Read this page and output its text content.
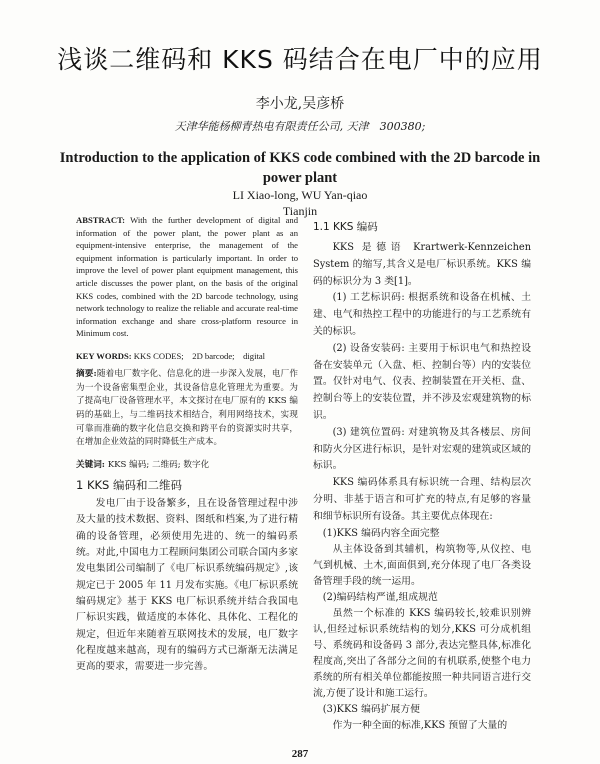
浅谈二维码和 KKS 码结合在电厂中的应用
李小龙,吴彦桥
天津华能杨柳青热电有限责任公司, 天津　300380;
Introduction to the application of KKS code combined with the 2D barcode in power plant
LI Xiao-long, WU Yan-qiao
Tianjin

ABSTRACT: With the further development of digital and information of the power plant, the power plant as an equipment-intensive enterprise, the management of the equipment information is particularly important. In order to improve the level of power plant equipment management, this article discusses the power plant, on the basis of the original KKS codes, combined with the 2D barcode technology, using network technology to realize the reliable and accurate real-time information exchange and share cross-platform resource in Minimum cost.

KEY WORDS: KKS CODES;　2D barcode;　digital
摘要:随着电厂数字化、信息化的进一步深入发展，电厂作为一个设备密集型企业，其设备信息化管理尤为重要。为了提高电厂设备管理水平，本文探讨在电厂原有的 KKS 编码的基础上，与二维码技术相结合，利用网络技术，实现可靠而准确的数字化信息交换和跨平台的资源实时共享，在增加企业效益的同时降低生产成本。
关键词: KKS 编码; 二维码; 数字化
1 KKS 编码和二维码

发电厂由于设备繁多，且在设备管理过程中涉及大量的技术数据、资料、图纸和档案,为了进行精确的设备管理，必须使用先进的、统一的编码系统。对此,中国电力工程顾问集团公司联合国内多家发电集团公司编制了《电厂标识系统编码规定》,该规定已于 2005 年 11 月发布实施。《电厂标识系统编码规定》基于 KKS 电厂标识系统并结合我国电厂标识实践，做适度的本体化、具体化、工程化的规定，但近年来随着互联网技术的发展，电厂数字化程度越来越高，现有的编码方式已渐渐无法满足更高的要求，需要进一步完善。

1.1 KKS 编码

KKS 是德语 Krartwerk-Kennzeichen System 的缩写,其含义是电厂标识系统。KKS 编码的标识分为 3 类[1]。

(1) 工艺标识码: 根据系统和设备在机械、土建、电气和热控工程中的功能进行的与工艺系统有关的标识。

(2) 设备安装码: 主要用于标识电气和热控设备在安装单元（入盘、柜、控制台等）内的安装位置。仅针对电气、仪表、控制装置在开关柜、盘、控制台等上的安装位置，并不涉及宏观建筑物的标识。

(3) 建筑位置码: 对建筑物及其各楼层、房间和防火分区进行标识，是针对宏观的建筑或区域的标识。

KKS 编码体系具有标识统一合理、结构层次分明、非基于语言和可扩充的特点,有足够的容量和细节标识所有设备。其主要优点体现在:

(1)KKS 编码内容全面完整

从主体设备到其辅机，构筑物等,从仪控、电气到机械、土木,面面俱到,充分体现了电厂各类设备管理手段的统一运用。

(2)编码结构严谨,组成规范

虽然一个标准的 KKS 编码较长,较难识别辨认,但经过标识系统结构的划分,KKS 可分成机组号、系统码和设备码 3 部分,表达完整具体,标准化程度高,突出了各部分之间的有机联系,使整个电力系统的所有相关单位都能按照一种共同语言进行交流,方便了设计和施工运行。

(3)KKS 编码扩展方便

作为一种全面的标准,KKS 预留了大量的

287
